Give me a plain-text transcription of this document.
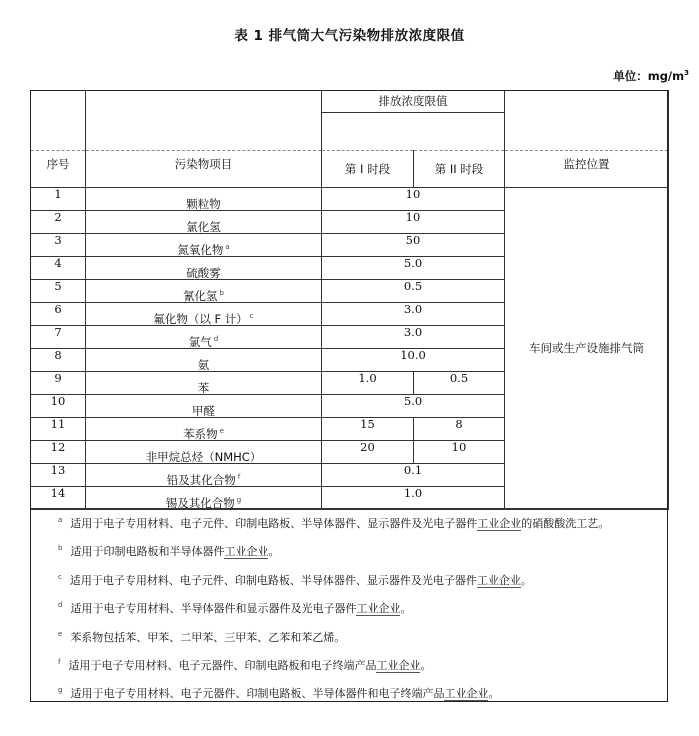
表 1 排气筒大气污染物排放浓度限值
单位：$mg/m^3$
		排放浓度限值		

序号	污染物项目	第 I 时段	第 II 时段	监控位置
1	颗粒物	10		车间或生产设施排气筒
2	氯化氢	10		
3	氮氧化物 $^a$	50		
4	硫酸雾	5.0		
5	氰化氢 $^b$	0.5		
6	氟化物（以 F 计） $^c$	3.0		
7	氯气 $^d$	3.0		
8	氨	10.0		
9	苯	1.0	0.5	
10	甲醛	5.0		
11	苯系物 $^e$	15	8	
12	非甲烷总烃（NMHC）	20	10	
13	铅及其化合物 $^f$	0.1		
14	锡及其化合物 $^g$	1.0		
$^a$ 适用于电子专用材料、电子元件、印制电路板、半导体器件、显示器件及光电子器件工业企业的硝酸酸洗工艺。
$^b$ 适用于印制电路板和半导体器件工业企业。
$^c$ 适用于电子专用材料、电子元件、印制电路板、半导体器件、显示器件及光电子器件工业企业。
$^d$ 适用于电子专用材料、半导体器件和显示器件及光电子器件工业企业。
$^e$ 苯系物包括苯、甲苯、二甲苯、三甲苯、乙苯和苯乙烯。
$^f$ 适用于电子专用材料、电子元器件、印制电路板和电子终端产品工业企业。
$^g$ 适用于电子专用材料、电子元器件、印制电路板、半导体器件和电子终端产品工业企业。
